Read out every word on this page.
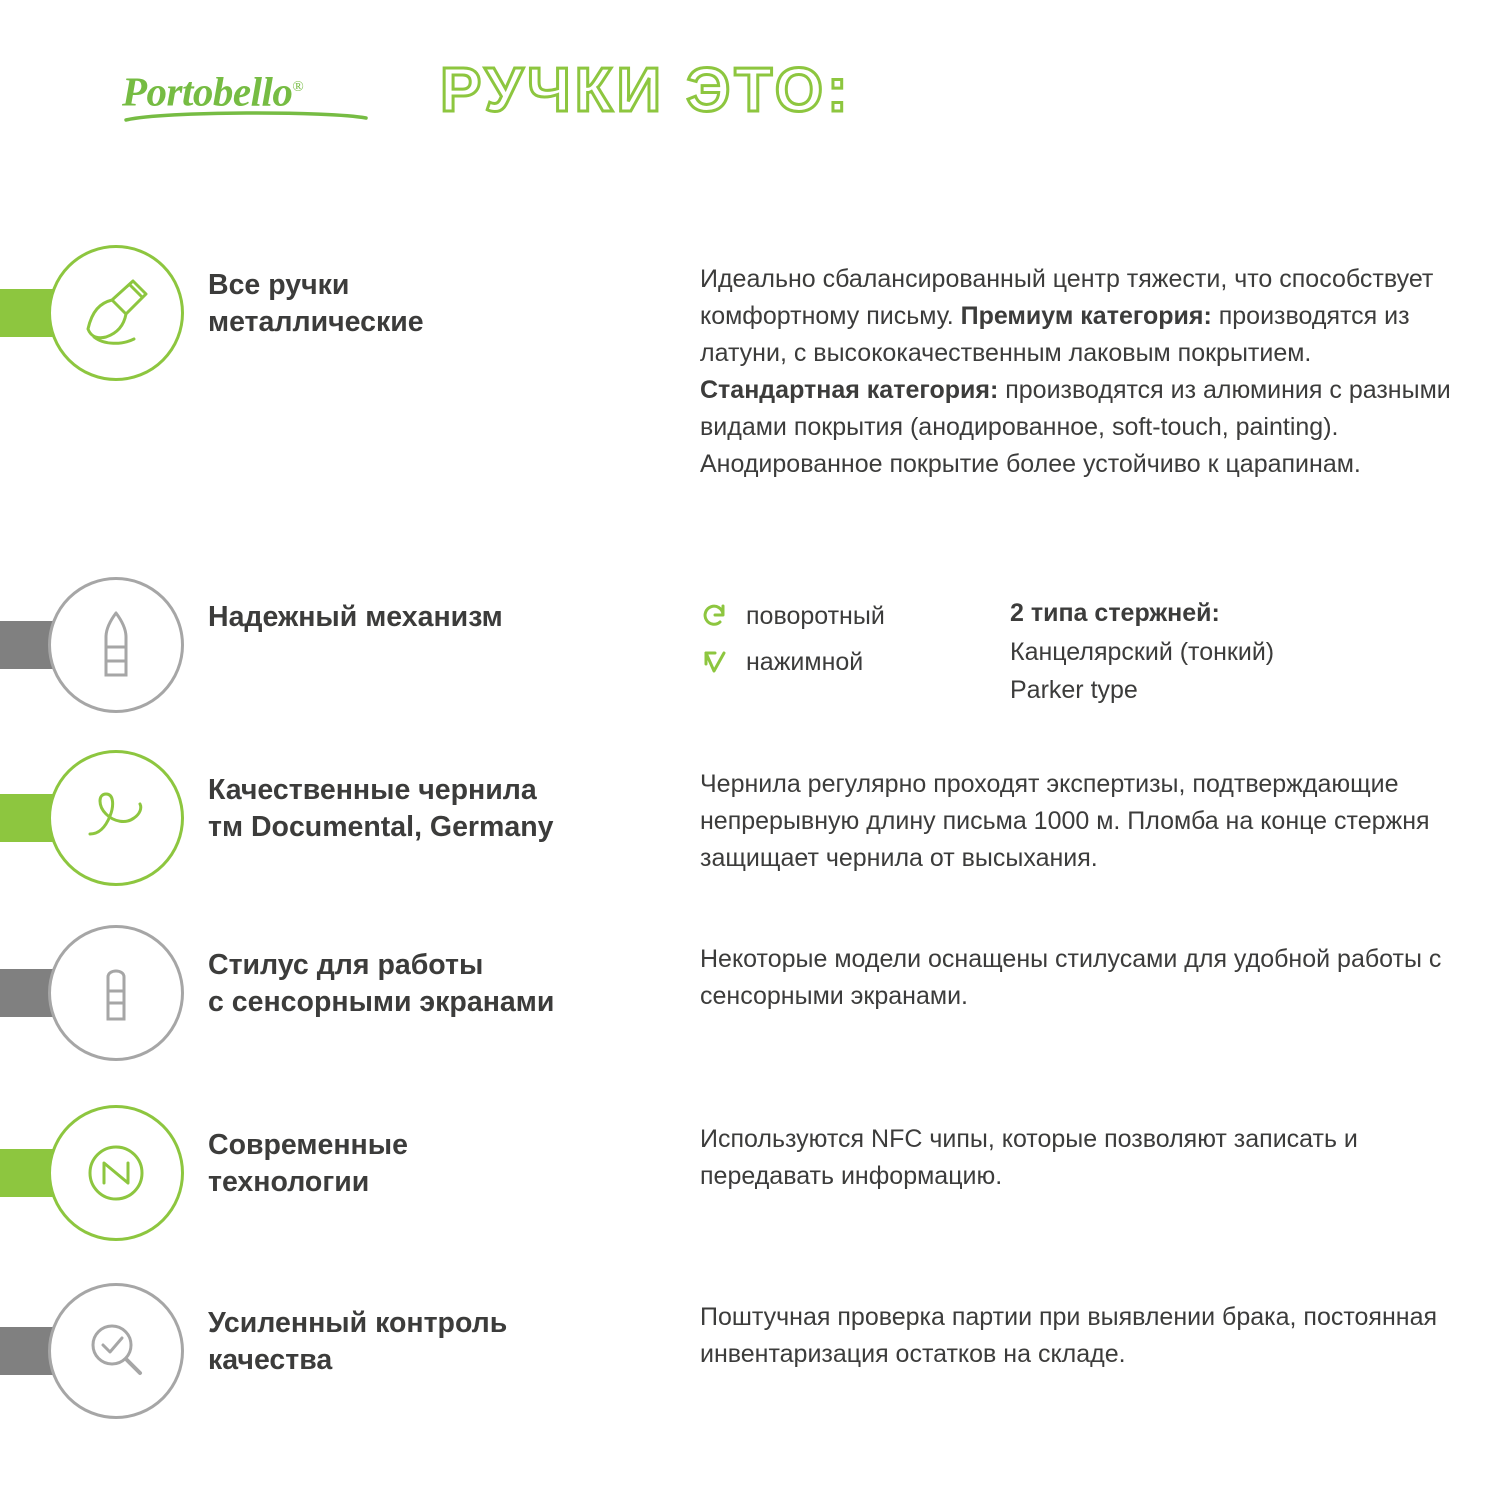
Portobello®	РУЧКИ ЭТО:
Все ручки
металлические
Идеально сбалансированный центр тяжести, что способствует комфортному письму. Премиум категория: производятся из латуни, с высококачественным лаковым покрытием. Стандартная категория: производятся из алюминия с разными видами покрытия (анодированное, soft-touch, painting). Анодированное покрытие более устойчиво к царапинам.
Надежный механизм	поворотный
нажимной
2 типа стержней:
Канцелярский (тонкий)
Parker type
Качественные чернила
тм Documental, Germany
Чернила регулярно проходят экспертизы, подтверждающие непрерывную длину письма 1000 м. Пломба на конце стержня защищает чернила от высыхания.
Стилус для работы
с сенсорными экранами
Некоторые модели оснащены стилусами для удобной работы с сенсорными экранами.
Современные
технологии
Используются NFC чипы, которые позволяют записать и передавать информацию.
Усиленный контроль
качества
Поштучная проверка партии при выявлении брака, постоянная инвентаризация остатков на складе.
